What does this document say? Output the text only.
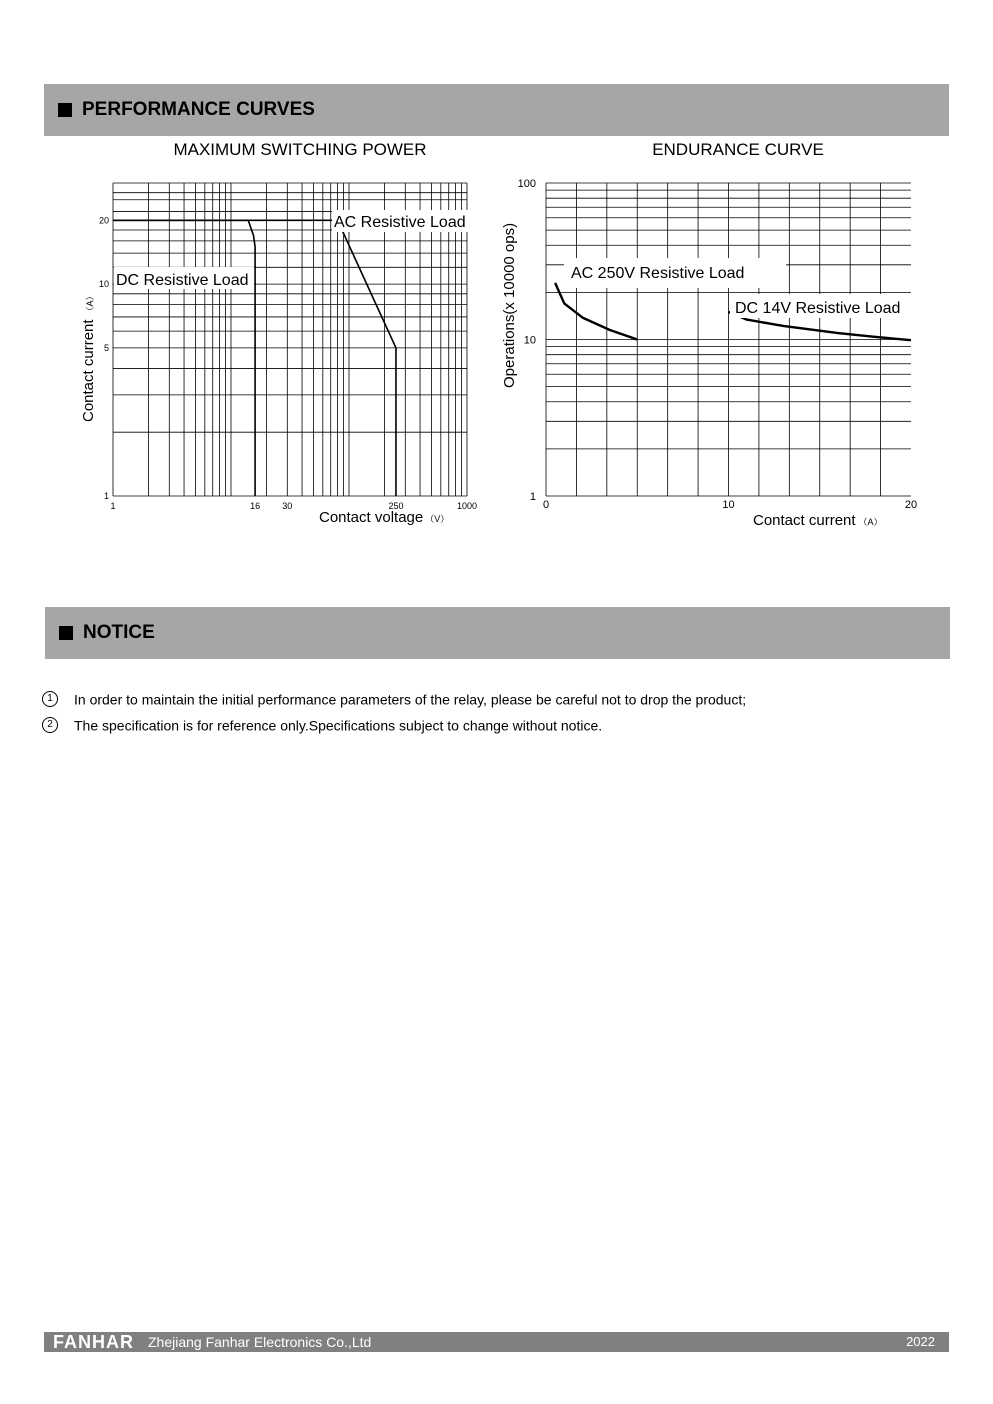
PERFORMANCE CURVES
MAXIMUM SWITCHING POWER	ENDURANCE CURVE
1	16 30	250	1000
1
5
10
20
DC Resistive Load
AC Resistive Load
Contact current（A）
Contact voltage （V）
0	10	20
1
10
100
AC 250V Resistive Load
DC 14V Resistive Load
Operations(x 10000 ops)
Contact current （A）
NOTICE
1 In order to maintain the initial performance parameters of the relay, please be careful not to drop the product;
2 The specification is for reference only.Specifications subject to change without notice.
FANHAR Zhejiang Fanhar Electronics Co.,Ltd	2022
